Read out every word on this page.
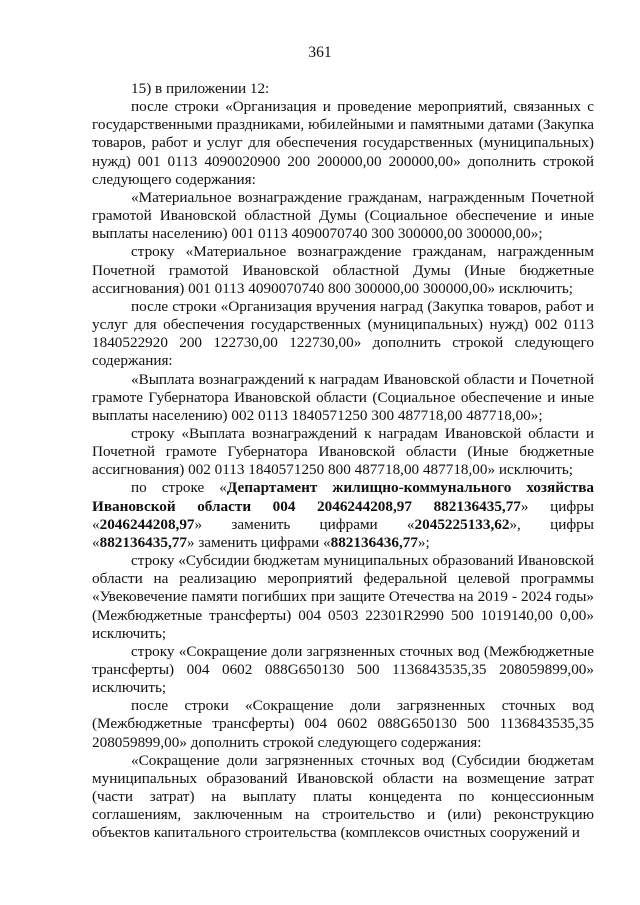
361

15) в приложении 12:

после строки «Организация и проведение мероприятий, связанных с государственными праздниками, юбилейными и памятными датами (Закупка товаров, работ и услуг для обеспечения государственных (муниципальных) нужд) 001 0113 4090020900 200 200000,00 200000,00» дополнить строкой следующего содержания:

«Материальное вознаграждение гражданам, награжденным Почетной грамотой Ивановской областной Думы (Социальное обеспечение и иные выплаты населению) 001 0113 4090070740 300 300000,00 300000,00»;

строку «Материальное вознаграждение гражданам, награжденным Почетной грамотой Ивановской областной Думы (Иные бюджетные ассигнования) 001 0113 4090070740 800 300000,00 300000,00» исключить;

после строки «Организация вручения наград (Закупка товаров, работ и услуг для обеспечения государственных (муниципальных) нужд) 002 0113 1840522920 200 122730,00 122730,00» дополнить строкой следующего содержания:

«Выплата вознаграждений к наградам Ивановской области и Почетной грамоте Губернатора Ивановской области (Социальное обеспечение и иные выплаты населению) 002 0113 1840571250 300 487718,00 487718,00»;

строку «Выплата вознаграждений к наградам Ивановской области и Почетной грамоте Губернатора Ивановской области (Иные бюджетные ассигнования) 002 0113 1840571250 800 487718,00 487718,00» исключить;

по строке «Департамент жилищно-коммунального хозяйства Ивановской области 004 2046244208,97 882136435,77» цифры «2046244208,97» заменить цифрами «2045225133,62», цифры «882136435,77» заменить цифрами «882136436,77»;

строку «Субсидии бюджетам муниципальных образований Ивановской области на реализацию мероприятий федеральной целевой программы «Увековечение памяти погибших при защите Отечества на 2019 - 2024 годы» (Межбюджетные трансферты) 004 0503 22301R2990 500 1019140,00 0,00» исключить;

строку «Сокращение доли загрязненных сточных вод (Межбюджетные трансферты) 004 0602 088G650130 500 1136843535,35 208059899,00» исключить;

после строки «Сокращение доли загрязненных сточных вод (Межбюджетные трансферты) 004 0602 088G650130 500 1136843535,35 208059899,00» дополнить строкой следующего содержания:

«Сокращение доли загрязненных сточных вод (Субсидии бюджетам муниципальных образований Ивановской области на возмещение затрат (части затрат) на выплату платы концедента по концессионным соглашениям, заключенным на строительство и (или) реконструкцию объектов капитального строительства (комплексов очистных сооружений и
